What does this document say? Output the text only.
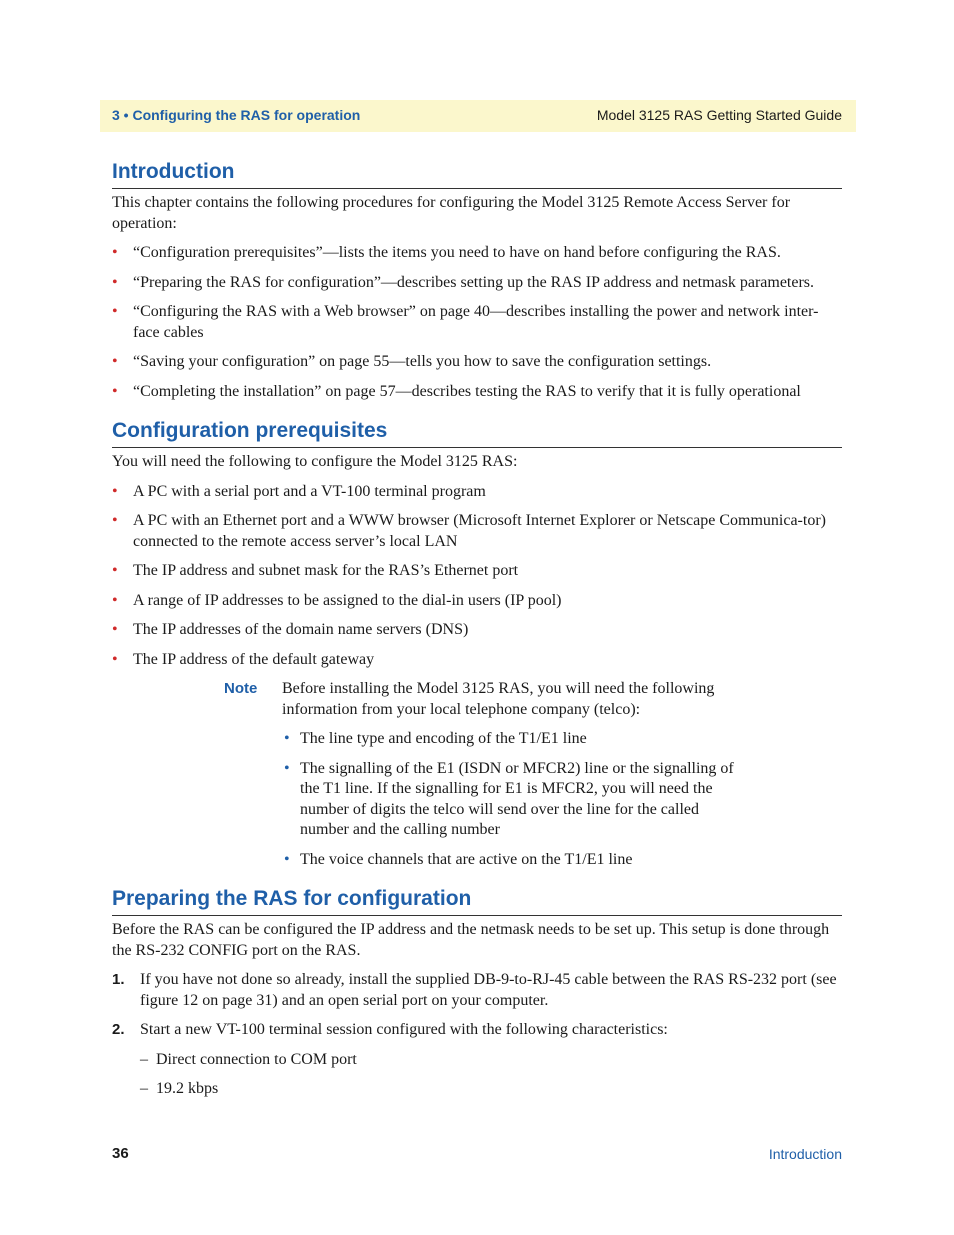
3 • Configuring the RAS for operation	Model 3125 RAS Getting Started Guide
Introduction

This chapter contains the following procedures for configuring the Model 3125 Remote Access Server for operation:

• “Configuration prerequisites”—lists the items you need to have on hand before configuring the RAS.
• “Preparing the RAS for configuration”—describes setting up the RAS IP address and netmask parameters.
• “Configuring the RAS with a Web browser” on page 40—describes installing the power and network inter-face cables
• “Saving your configuration” on page 55—tells you how to save the configuration settings.
• “Completing the installation” on page 57—describes testing the RAS to verify that it is fully operational
Configuration prerequisites

You will need the following to configure the Model 3125 RAS:

• A PC with a serial port and a VT-100 terminal program
• A PC with an Ethernet port and a WWW browser (Microsoft Internet Explorer or Netscape Communica-tor) connected to the remote access server’s local LAN
• The IP address and subnet mask for the RAS’s Ethernet port
• A range of IP addresses to be assigned to the dial-in users (IP pool)
• The IP addresses of the domain name servers (DNS)
• The IP address of the default gateway
Note Before installing the Model 3125 RAS, you will need the following information from your local telephone company (telco):

• The line type and encoding of the T1/E1 line
• The signalling of the E1 (ISDN or MFCR2) line or the signalling of the T1 line. If the signalling for E1 is MFCR2, you will need the number of digits the telco will send over the line for the called number and the calling number
• The voice channels that are active on the T1/E1 line
Preparing the RAS for configuration

Before the RAS can be configured the IP address and the netmask needs to be set up. This setup is done through the RS-232 CONFIG port on the RAS.

1. If you have not done so already, install the supplied DB-9-to-RJ-45 cable between the RAS RS-232 port (see figure 12 on page 31) and an open serial port on your computer.
2. Start a new VT-100 terminal session configured with the following characteristics:
– Direct connection to COM port
– 19.2 kbps
36	Introduction
